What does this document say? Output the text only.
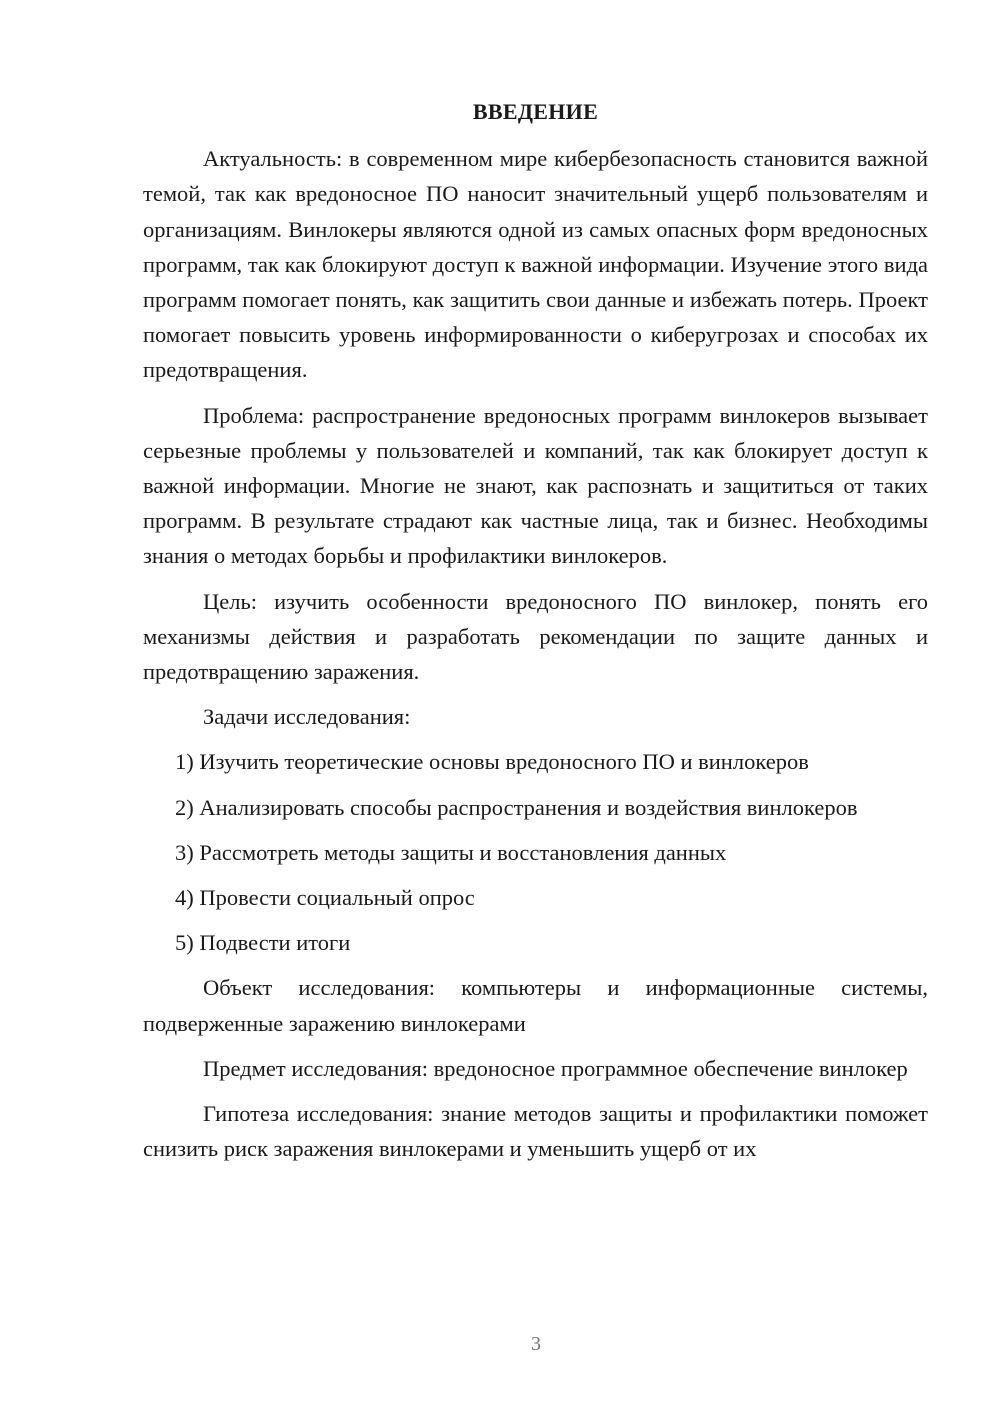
ВВЕДЕНИЕ

Актуальность: в современном мире кибербезопасность становится важной темой, так как вредоносное ПО наносит значительный ущерб пользователям и организациям. Винлокеры являются одной из самых опасных форм вредоносных программ, так как блокируют доступ к важной информации. Изучение этого вида программ помогает понять, как защитить свои данные и избежать потерь. Проект помогает повысить уровень информированности о киберугрозах и способах их предотвращения.

Проблема: распространение вредоносных программ винлокеров вызывает серьезные проблемы у пользователей и компаний, так как блокирует доступ к важной информации. Многие не знают, как распознать и защититься от таких программ. В результате страдают как частные лица, так и бизнес. Необходимы знания о методах борьбы и профилактики винлокеров.

Цель: изучить особенности вредоносного ПО винлокер, понять его механизмы действия и разработать рекомендации по защите данных и предотвращению заражения.

Задачи исследования:

1) Изучить теоретические основы вредоносного ПО и винлокеров

2) Анализировать способы распространения и воздействия винлокеров

3) Рассмотреть методы защиты и восстановления данных

4) Провести социальный опрос

5) Подвести итоги

Объект исследования: компьютеры и информационные системы, подверженные заражению винлокерами

Предмет исследования: вредоносное программное обеспечение винлокер

Гипотеза исследования: знание методов защиты и профилактики поможет снизить риск заражения винлокерами и уменьшить ущерб от их

3
